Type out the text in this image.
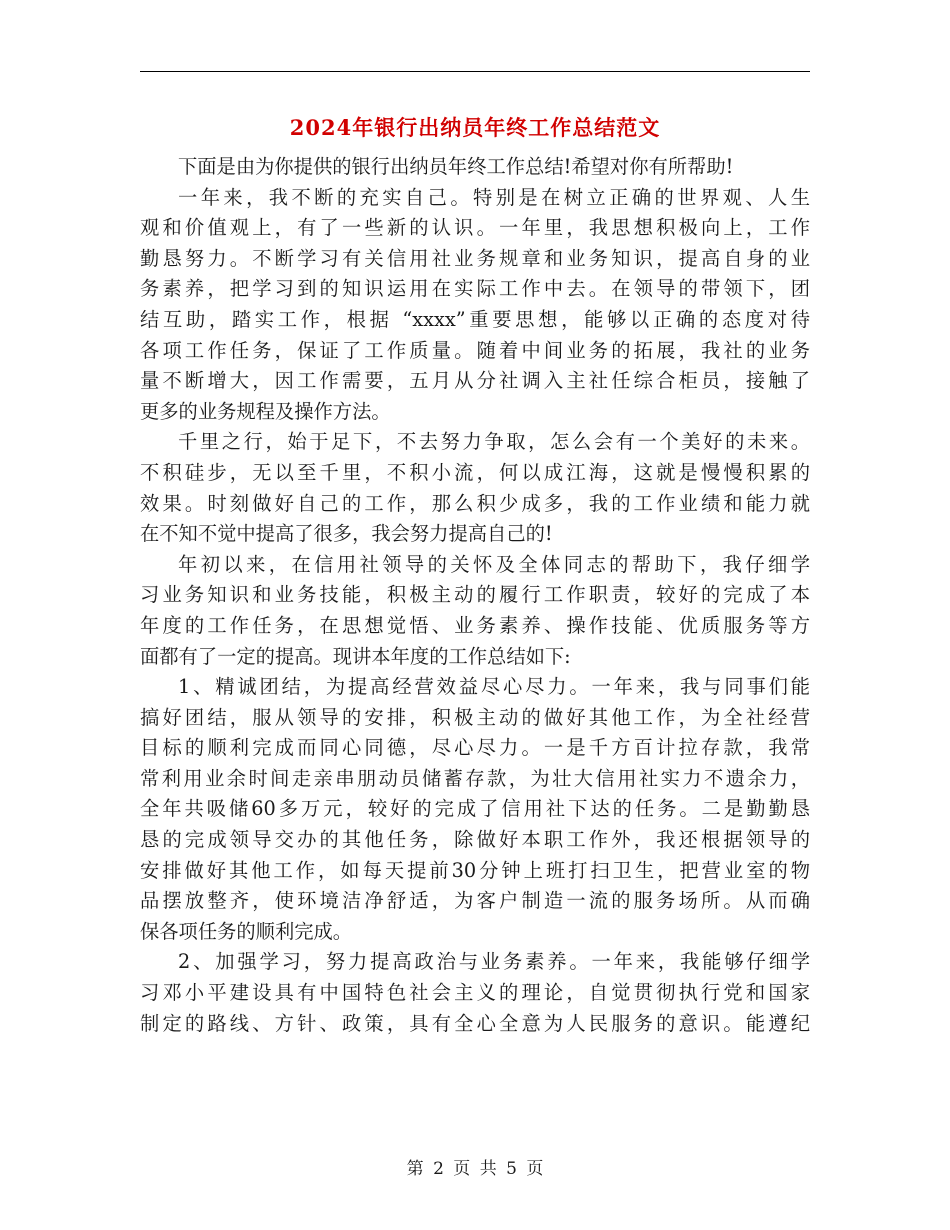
2024年银行出纳员年终工作总结范文
下面是由为你提供的银行出纳员年终工作总结!希望对你有所帮助!
一年来，我不断的充实自己。特别是在树立正确的世界观、人生
观和价值观上，有了一些新的认识。一年里，我思想积极向上，工作
勤恳努力。不断学习有关信用社业务规章和业务知识，提高自身的业
务素养，把学习到的知识运用在实际工作中去。在领导的带领下，团
结互助，踏实工作，根据 “xxxx”重要思想，能够以正确的态度对待
各项工作任务，保证了工作质量。随着中间业务的拓展，我社的业务
量不断增大，因工作需要，五月从分社调入主社任综合柜员，接触了
更多的业务规程及操作方法。
千里之行，始于足下，不去努力争取，怎么会有一个美好的未来。
不积硅步，无以至千里，不积小流，何以成江海，这就是慢慢积累的
效果。时刻做好自己的工作，那么积少成多，我的工作业绩和能力就
在不知不觉中提高了很多，我会努力提高自己的!
年初以来，在信用社领导的关怀及全体同志的帮助下，我仔细学
习业务知识和业务技能，积极主动的履行工作职责，较好的完成了本
年度的工作任务，在思想觉悟、业务素养、操作技能、优质服务等方
面都有了一定的提高。现讲本年度的工作总结如下:
1、精诚团结，为提高经营效益尽心尽力。一年来，我与同事们能
搞好团结，服从领导的安排，积极主动的做好其他工作，为全社经营
目标的顺利完成而同心同德，尽心尽力。一是千方百计拉存款，我常
常利用业余时间走亲串朋动员储蓄存款，为壮大信用社实力不遗余力，
全年共吸储60多万元，较好的完成了信用社下达的任务。二是勤勤恳
恳的完成领导交办的其他任务，除做好本职工作外，我还根据领导的
安排做好其他工作，如每天提前30分钟上班打扫卫生，把营业室的物
品摆放整齐，使环境洁净舒适，为客户制造一流的服务场所。从而确
保各项任务的顺利完成。
2、加强学习，努力提高政治与业务素养。一年来，我能够仔细学
习邓小平建设具有中国特色社会主义的理论，自觉贯彻执行党和国家
制定的路线、方针、政策，具有全心全意为人民服务的意识。能遵纪
第 2 页 共 5 页
